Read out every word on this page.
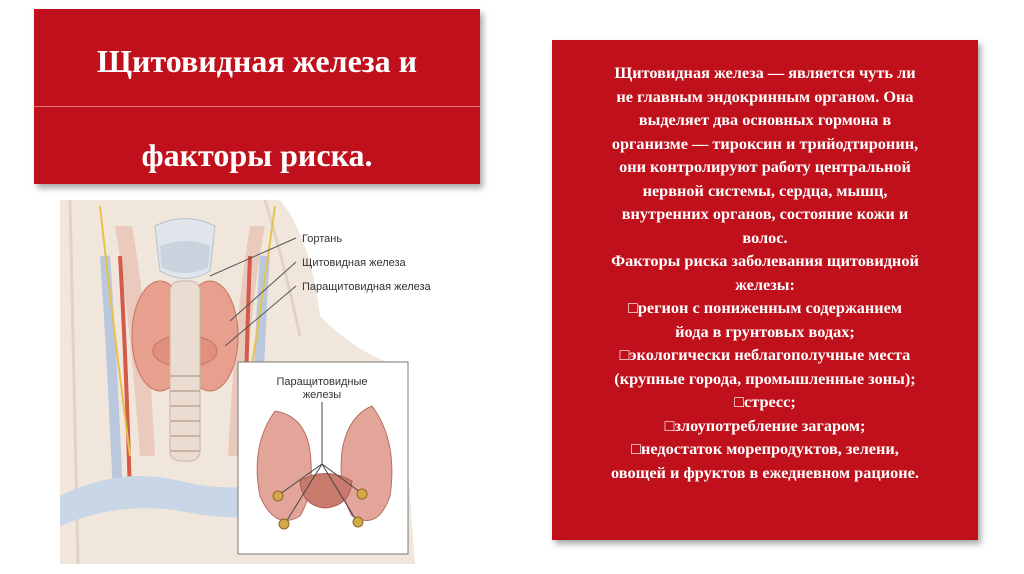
Щитовидная железа и
факторы риска.
Щитовидная железа — является чуть ли
не главным эндокринным органом. Она
выделяет два основных гормона в
организме — тироксин и трийодтиронин,
они контролируют работу центральной
нервной системы, сердца, мышц,
внутренних органов, состояние кожи и
волос.
Факторы риска заболевания щитовидной
железы:
□регион с пониженным содержанием
йода в грунтовых водах;
□экологически неблагополучные места
(крупные города, промышленные зоны);
□стресс;
□злоупотребление загаром;
□недостаток морепродуктов, зелени,
овощей и фруктов в ежедневном рационе.
Гортань
Щитовидная железа
Паращитовидная железа
Паращитовидные
железы
